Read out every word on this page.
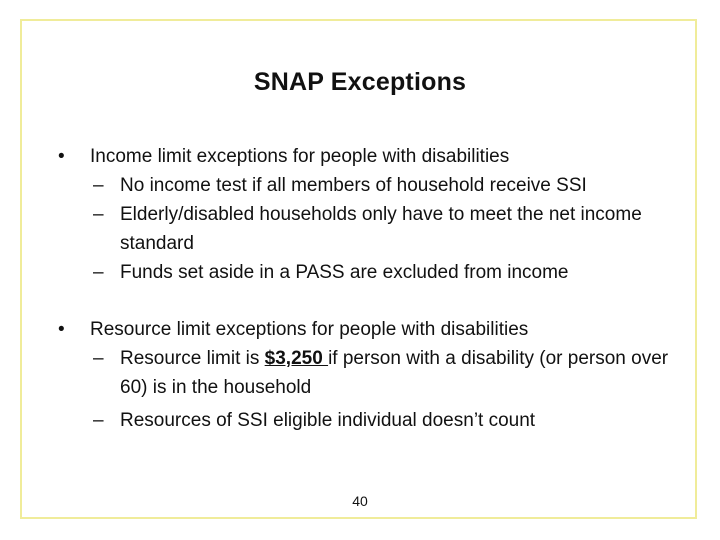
SNAP Exceptions
• Income limit exceptions for people with disabilities
– No income test if all members of household receive SSI
– Elderly/disabled households only have to meet the net income standard
– Funds set aside in a PASS are excluded from income
• Resource limit exceptions for people with disabilities
– Resource limit is $3,250 if person with a disability (or person over 60) is in the household
– Resources of SSI eligible individual doesn’t count
40
